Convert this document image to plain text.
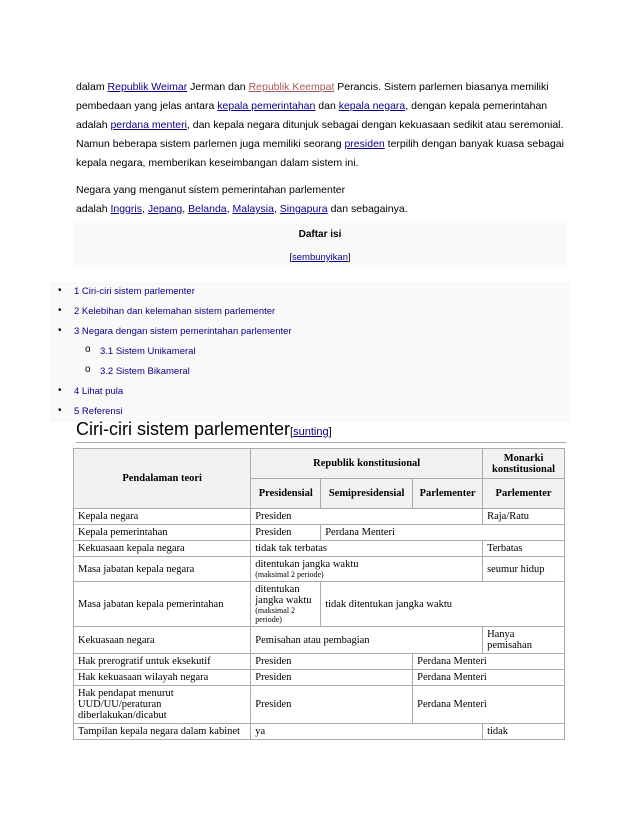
dalam Republik Weimar Jerman dan Republik Keempat Perancis. Sistem parlemen biasanya memiliki pembedaan yang jelas antara kepala pemerintahan dan kepala negara, dengan kepala pemerintahan adalah perdana menteri, dan kepala negara ditunjuk sebagai dengan kekuasaan sedikit atau seremonial. Namun beberapa sistem parlemen juga memiliki seorang presiden terpilih dengan banyak kuasa sebagai kepala negara, memberikan keseimbangan dalam sistem ini.

Negara yang menganut sistem pemerintahan parlementer
adalah Inggris, Jepang, Belanda, Malaysia, Singapura dan sebagainya.

Daftar isi
[sembunyikan]
• 1 Ciri-ciri sistem parlementer
• 2 Kelebihan dan kelemahan sistem parlementer
• 3 Negara dengan sistem pemerintahan parlementer
o 3.1 Sistem Unikameral
o 3.2 Sistem Bikameral
• 4 Lihat pula
• 5 Referensi
Ciri-ciri sistem parlementer[sunting]
Pendalaman teori	Republik konstitusional			Monarki konstitusional
	Presidensial	Semipresidensial	Parlementer	Parlementer
Kepala negara	Presiden			Raja/Ratu
Kepala pemerintahan	Presiden	Perdana Menteri		
Kekuasaan kepala negara	tidak tak terbatas			Terbatas
Masa jabatan kepala negara	ditentukan jangka waktu
(maksimal 2 periode)			seumur hidup
Masa jabatan kepala pemerintahan	ditentukan jangka waktu
(maksimal 2 periode)	tidak ditentukan jangka waktu		
Kekuasaan negara	Pemisahan atau pembagian			Hanya pemisahan
Hak prerogratif untuk eksekutif	Presiden		Perdana Menteri	
Hak kekuasaan wilayah negara	Presiden		Perdana Menteri	
Hak pendapat menurut UUD/UU/peraturan diberlakukan/dicabut	Presiden		Perdana Menteri	
Tampilan kepala negara dalam kabinet	ya			tidak
